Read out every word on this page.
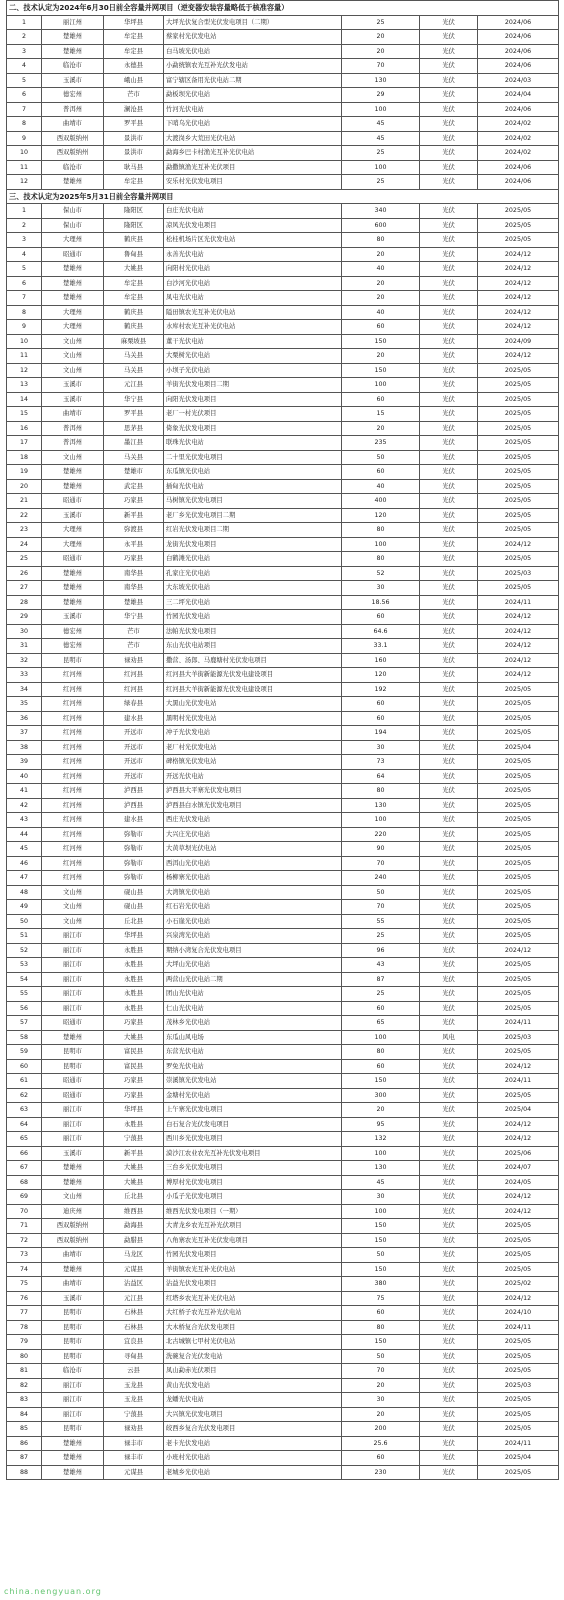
二、技术认定为2024年6月30日前全容量并网项目（逆变器安装容量略低于核准容量）						
1	丽江州	华坪县	大坪光伏复合型光伏发电项目（二期）	25	光伏	2024/06
2	楚雄州	牟定县	蔡家村光伏发电站	20	光伏	2024/06
3	楚雄州	牟定县	白马坡光伏电站	20	光伏	2024/06
4	临沧市	永德县	小勐统镇农光互补光伏发电站	70	光伏	2024/06
5	玉溪市	峨山县	富宁辖区备用光伏电站二期	130	光伏	2024/03
6	德宏州	芒市	勐板坝光伏电站	29	光伏	2024/04
7	普洱州	澜沧县	竹河光伏电站	100	光伏	2024/06
8	曲靖市	罗平县	下哨乌光伏电站	45	光伏	2024/02
9	西双版纳州	景洪市	大渡岗乡大荒田光伏电站	45	光伏	2024/02
10	西双版纳州	景洪市	勐海乡巴卡村渔光互补光伏电站	25	光伏	2024/02
11	临沧市	耿马县	勐撒镇渔光互补光伏项目	100	光伏	2024/06
12	楚雄州	牟定县	安乐村光伏发电项目	25	光伏	2024/06
三、技术认定为2025年5月31日前全容量并网项目						
1	保山市	隆阳区	白庄光伏电站	340	光伏	2025/05
2	保山市	隆阳区	凉风光伏发电项目	600	光伏	2025/05
3	大理州	鹤庆县	松桂机场片区光伏发电站	80	光伏	2025/05
4	昭通市	鲁甸县	永善光伏电站	20	光伏	2024/12
5	楚雄州	大姚县	向阳村光伏电站	40	光伏	2024/12
6	楚雄州	牟定县	白沙河光伏电站	20	光伏	2024/12
7	楚雄州	牟定县	凤屯光伏电站	20	光伏	2024/12
8	大理州	鹤庆县	隘田镇农光互补光伏电站	40	光伏	2024/12
9	大理州	鹤庆县	水库村农光互补光伏电站	60	光伏	2024/12
10	文山州	麻栗坡县	董干光伏电站	150	光伏	2024/09
11	文山州	马关县	大栗树光伏电站	20	光伏	2024/12
12	文山州	马关县	小坝子光伏电站	150	光伏	2025/05
13	玉溪市	元江县	羊街光伏发电项目二期	100	光伏	2025/05
14	玉溪市	华宁县	向阳光伏发电项目	60	光伏	2025/05
15	曲靖市	罗平县	老厂一村光伏项目	15	光伏	2025/05
16	普洱州	思茅县	倚象光伏发电项目	20	光伏	2025/05
17	普洱州	墨江县	联珠光伏电站	235	光伏	2025/05
18	文山州	马关县	二十里光伏发电项目	50	光伏	2025/05
19	楚雄州	楚雄市	东瓜镇光伏电站	60	光伏	2025/05
20	楚雄州	武定县	插甸光伏电站	40	光伏	2025/05
21	昭通市	巧家县	马树镇光伏发电项目	400	光伏	2025/05
22	玉溪市	新平县	老厂乡光伏发电项目二期	120	光伏	2025/05
23	大理州	弥渡县	红岩光伏发电项目二期	80	光伏	2025/05
24	大理州	永平县	龙街光伏发电项目	100	光伏	2024/12
25	昭通市	巧家县	白鹤滩光伏电站	80	光伏	2025/05
26	楚雄州	南华县	孔家庄光伏电站	52	光伏	2025/03
27	楚雄州	南华县	大东坡光伏电站	30	光伏	2025/05
28	楚雄州	楚雄县	三二坪光伏电站	18.56	光伏	2024/11
29	玉溪市	华宁县	竹园光伏发电站	60	光伏	2024/12
30	德宏州	芒市	法帕光伏发电项目	64.6	光伏	2024/12
31	德宏州	芒市	东山光伏电站项目	33.1	光伏	2024/12
32	昆明市	禄劝县	撒营、汤郎、马鹿塘村光伏发电项目	160	光伏	2024/12
33	红河州	红河县	红河县大羊街新能源光伏发电建设项目	120	光伏	2024/12
34	红河州	红河县	红河县大羊街新能源光伏发电建设项目	192	光伏	2025/05
35	红河州	绿春县	大黑山光伏发电站	60	光伏	2025/05
36	红河州	建水县	黑明村光伏发电站	60	光伏	2025/05
37	红河州	开远市	冲子光伏发电站	194	光伏	2025/05
38	红河州	开远市	老厂村光伏发电站	30	光伏	2025/04
39	红河州	开远市	碑格镇光伏发电站	73	光伏	2025/05
40	红河州	开远市	开远光伏电站	64	光伏	2025/05
41	红河州	泸西县	泸西县大平寨光伏发电项目	80	光伏	2025/05
42	红河州	泸西县	泸西县白水镇光伏发电项目	130	光伏	2025/05
43	红河州	建水县	西庄光伏发电站	100	光伏	2025/05
44	红河州	弥勒市	大兴庄光伏电站	220	光伏	2025/05
45	红河州	弥勒市	大黄草坝光伏电站	90	光伏	2025/05
46	红河州	弥勒市	西洱山光伏电站	70	光伏	2025/05
47	红河州	弥勒市	杨柳寨光伏电站	240	光伏	2025/05
48	文山州	砚山县	大湾镇光伏电站	50	光伏	2025/05
49	文山州	砚山县	红石岩光伏电站	70	光伏	2025/05
50	文山州	丘北县	小石崖光伏电站	55	光伏	2025/05
51	丽江市	华坪县	兴泉湾光伏电站	25	光伏	2025/05
52	丽江市	永胜县	期纳小湾复合光伏发电项目	96	光伏	2024/12
53	丽江市	永胜县	大坪山光伏电站	43	光伏	2025/05
54	丽江市	永胜县	两营山光伏电站二期	87	光伏	2025/05
55	丽江市	永胜县	团山光伏电站	25	光伏	2025/05
56	丽江市	永胜县	仁山光伏电站	60	光伏	2025/05
57	昭通市	巧家县	茂林乡光伏电站	65	光伏	2024/11
58	楚雄州	大姚县	东瓜山风电场	100	风电	2025/03
59	昆明市	富民县	东营光伏电站	80	光伏	2025/05
60	昆明市	富民县	罗免光伏电站	60	光伏	2024/12
61	昭通市	巧家县	崇溪镇光伏发电站	150	光伏	2024/11
62	昭通市	巧家县	金塘村光伏电站	300	光伏	2025/05
63	丽江市	华坪县	上午寨光伏发电项目	20	光伏	2025/04
64	丽江市	永胜县	白石复合光伏发电项目	95	光伏	2024/12
65	丽江市	宁蒗县	西川乡光伏发电项目	132	光伏	2024/12
66	玉溪市	新平县	漠沙江农业农光互补光伏发电项目	100	光伏	2025/06
67	楚雄州	大姚县	三台乡光伏发电项目	130	光伏	2024/07
68	楚雄州	大姚县	博厚村光伏发电项目	45	光伏	2024/05
69	文山州	丘北县	小瓜子光伏发电项目	30	光伏	2024/12
70	迪庆州	维西县	维西光伏发电项目（一期）	100	光伏	2024/12
71	西双版纳州	勐海县	大青龙乡农光互补光伏项目	150	光伏	2025/05
72	西双版纳州	勐腊县	八角寨农光互补光伏发电项目	150	光伏	2025/05
73	曲靖市	马龙区	竹园光伏发电项目	50	光伏	2025/05
74	楚雄州	元谋县	羊街镇农光互补光伏电站	150	光伏	2025/05
75	曲靖市	沾益区	沾益光伏发电项目	380	光伏	2025/02
76	玉溪市	元江县	红塔乡农光互补光伏电站	75	光伏	2024/12
77	昆明市	石林县	大红桥子农光互补光伏电站	60	光伏	2024/10
78	昆明市	石林县	大木桥复合光伏发电项目	80	光伏	2024/11
79	昆明市	宜良县	北古城镇七甲村光伏电站	150	光伏	2025/05
80	昆明市	寻甸县	洗碗复合光伏发电站	50	光伏	2025/05
81	临沧市	云县	凤山勐赤光伏项目	70	光伏	2025/05
82	丽江市	玉龙县	黄山光伏发电站	20	光伏	2025/03
83	丽江市	玉龙县	龙蟠光伏电站	30	光伏	2025/05
84	丽江市	宁蒗县	大兴镇光伏发电项目	20	光伏	2025/05
85	昆明市	禄劝县	皎西乡复合光伏发电项目	200	光伏	2025/05
86	楚雄州	禄丰市	老卡光伏发电站	25.6	光伏	2024/11
87	楚雄州	禄丰市	小班村光伏电站	60	光伏	2025/04
88	楚雄州	元谋县	老城乡光伏电站	230	光伏	2025/05
china.nengyuan.org
